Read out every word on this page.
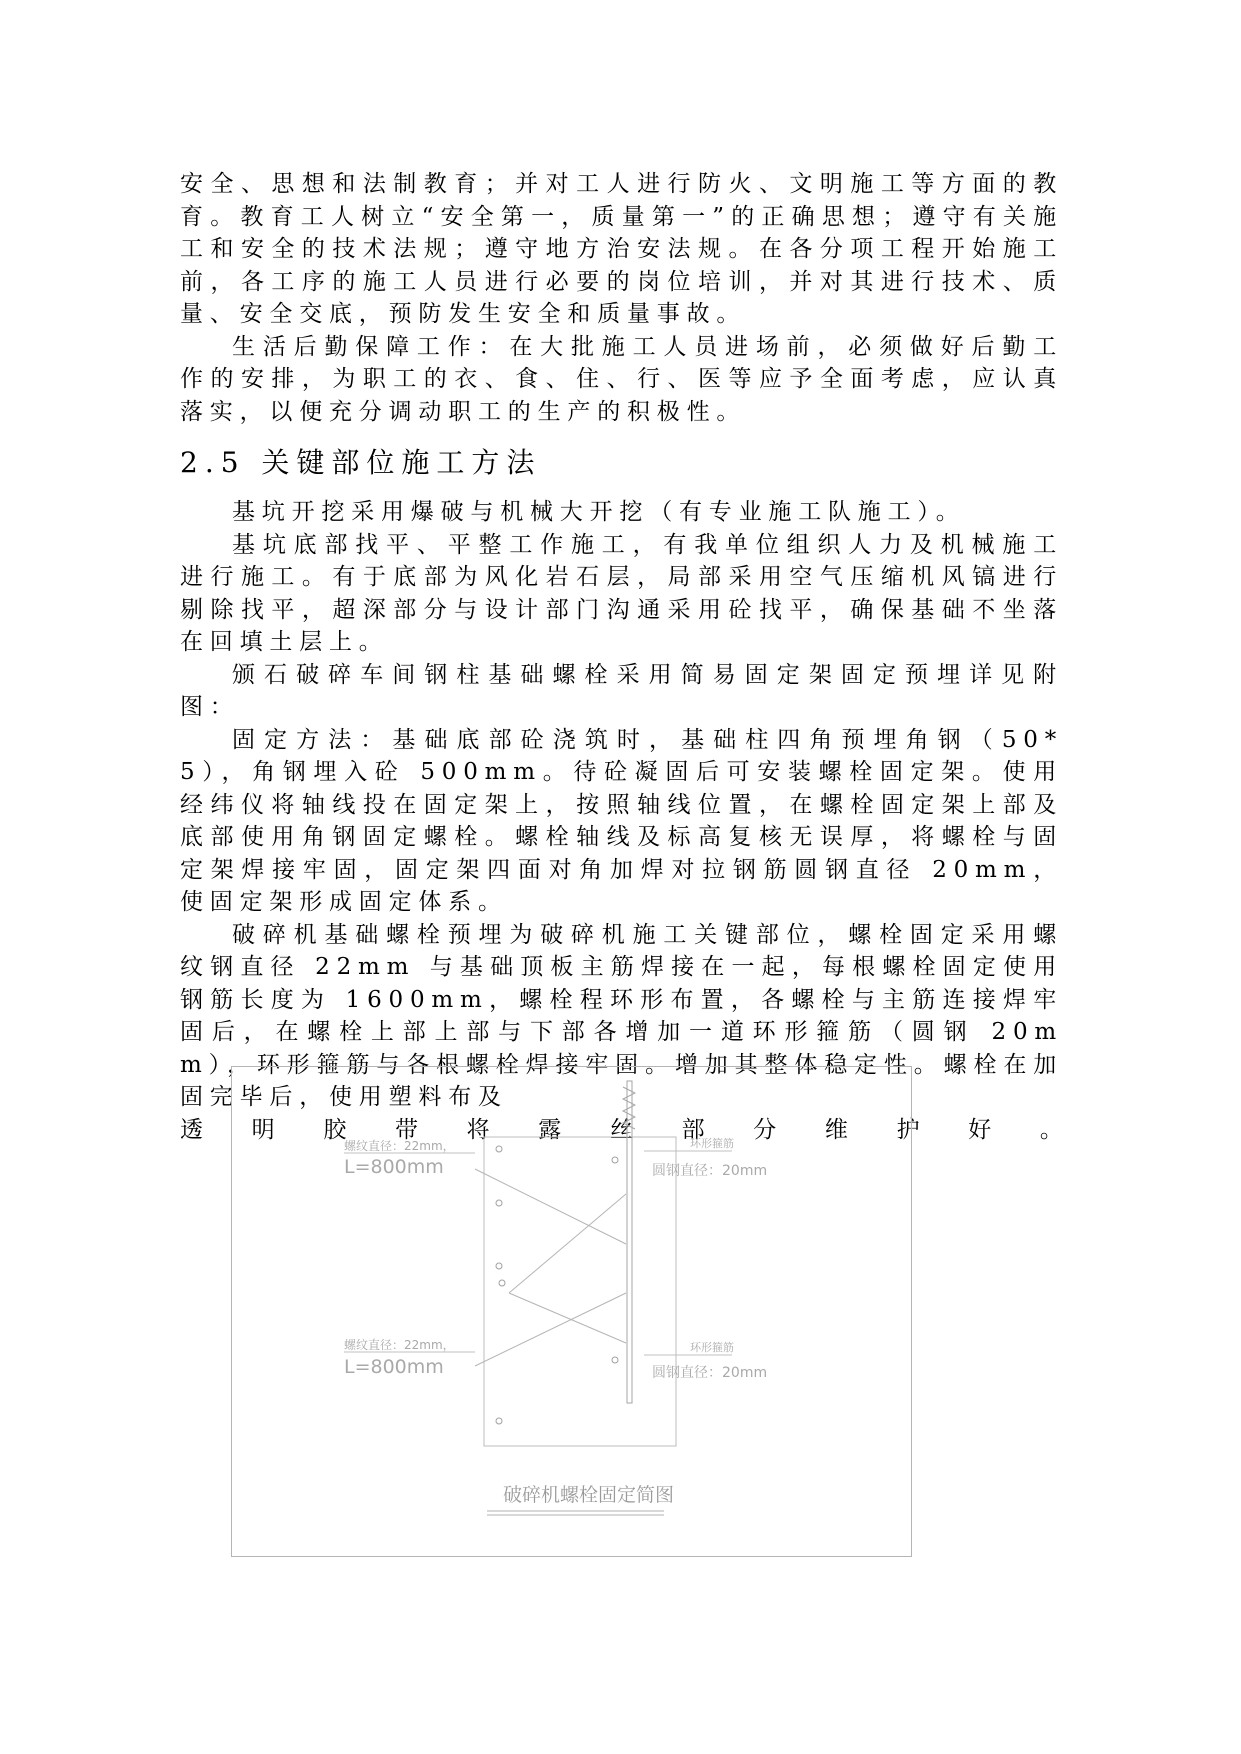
安全、思想和法制教育；并对工人进行防火、文明施工等方面的教育。教育工人树立“安全第一，质量第一”的正确思想；遵守有关施工和安全的技术法规；遵守地方治安法规。在各分项工程开始施工前，各工序的施工人员进行必要的岗位培训，并对其进行技术、质量、安全交底，预防发生安全和质量事故。

生活后勤保障工作：在大批施工人员进场前，必须做好后勤工作的安排，为职工的衣、食、住、行、医等应予全面考虑，应认真落实，以便充分调动职工的生产的积极性。

2.5 关键部位施工方法

基坑开挖采用爆破与机械大开挖（有专业施工队施工）。

基坑底部找平、平整工作施工，有我单位组织人力及机械施工进行施工。有于底部为风化岩石层，局部采用空气压缩机风镐进行剔除找平，超深部分与设计部门沟通采用砼找平，确保基础不坐落在回填土层上。

颁石破碎车间钢柱基础螺栓采用简易固定架固定预埋详见附图：

固定方法：基础底部砼浇筑时，基础柱四角预埋角钢（50*5），角钢埋入砼 500mm。待砼凝固后可安装螺栓固定架。使用经纬仪将轴线投在固定架上，按照轴线位置，在螺栓固定架上部及底部使用角钢固定螺栓。螺栓轴线及标高复核无误厚，将螺栓与固定架焊接牢固，固定架四面对角加焊对拉钢筋圆钢直径 20mm，使固定架形成固定体系。

破碎机基础螺栓预埋为破碎机施工关键部位，螺栓固定采用螺纹钢直径 22mm 与基础顶板主筋焊接在一起，每根螺栓固定使用钢筋长度为 1600mm，螺栓程环形布置，各螺栓与主筋连接焊牢固后，在螺栓上部上部与下部各增加一道环形箍筋（圆钢 20mm），环形箍筋与各根螺栓焊接牢固。增加其整体稳定性。螺栓在加固完毕后，使用塑料布及

透 明 胶 带 将 露 丝 部 分 维 护 好 。
螺纹直径：22mm，
L=800mm
环形箍筋
圆钢直径：20mm
螺纹直径：22mm，
L=800mm
环形箍筋
圆钢直径：20mm
破碎机螺栓固定简图
